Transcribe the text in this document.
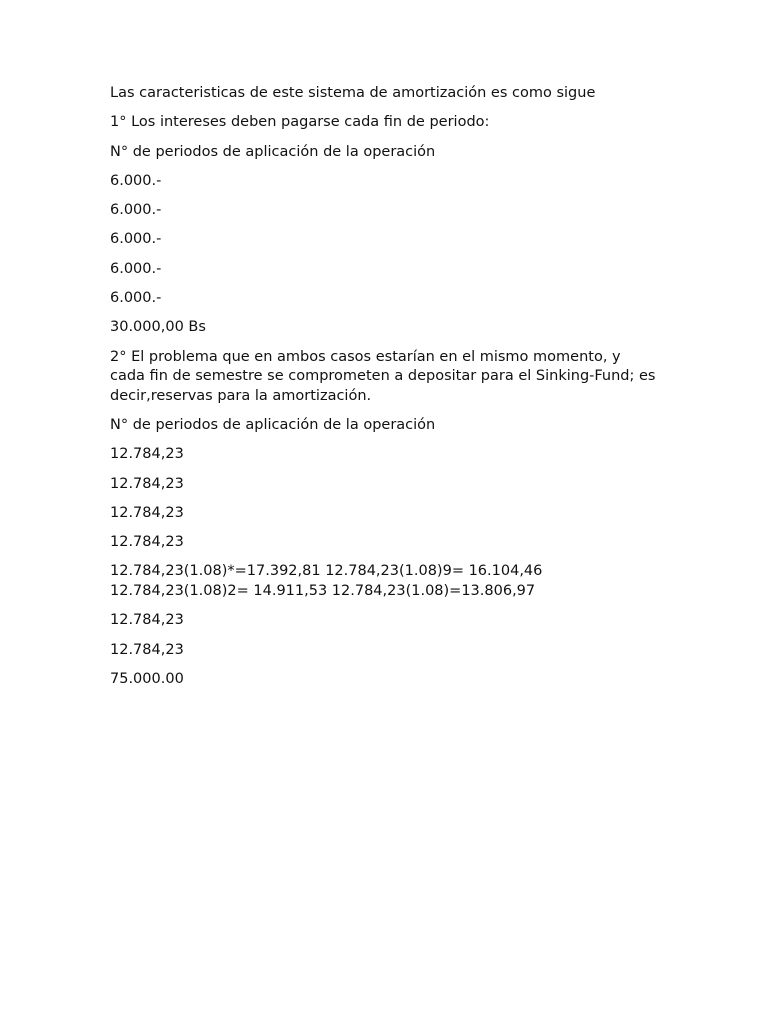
Las caracteristicas de este sistema de amortización es como sigue

1° Los intereses deben pagarse cada fin de periodo:

N° de periodos de aplicación de la operación

6.000.-

6.000.-

6.000.-

6.000.-

6.000.-

30.000,00 Bs

2° El problema que en ambos casos estarían en el mismo momento, y cada fin de semestre se comprometen a depositar para el Sinking-Fund; es decir,reservas para la amortización.

N° de periodos de aplicación de la operación

12.784,23

12.784,23

12.784,23

12.784,23

12.784,23(1.08)*=17.392,81 12.784,23(1.08)9= 16.104,46
12.784,23(1.08)2= 14.911,53 12.784,23(1.08)=13.806,97

12.784,23

12.784,23

75.000.00
